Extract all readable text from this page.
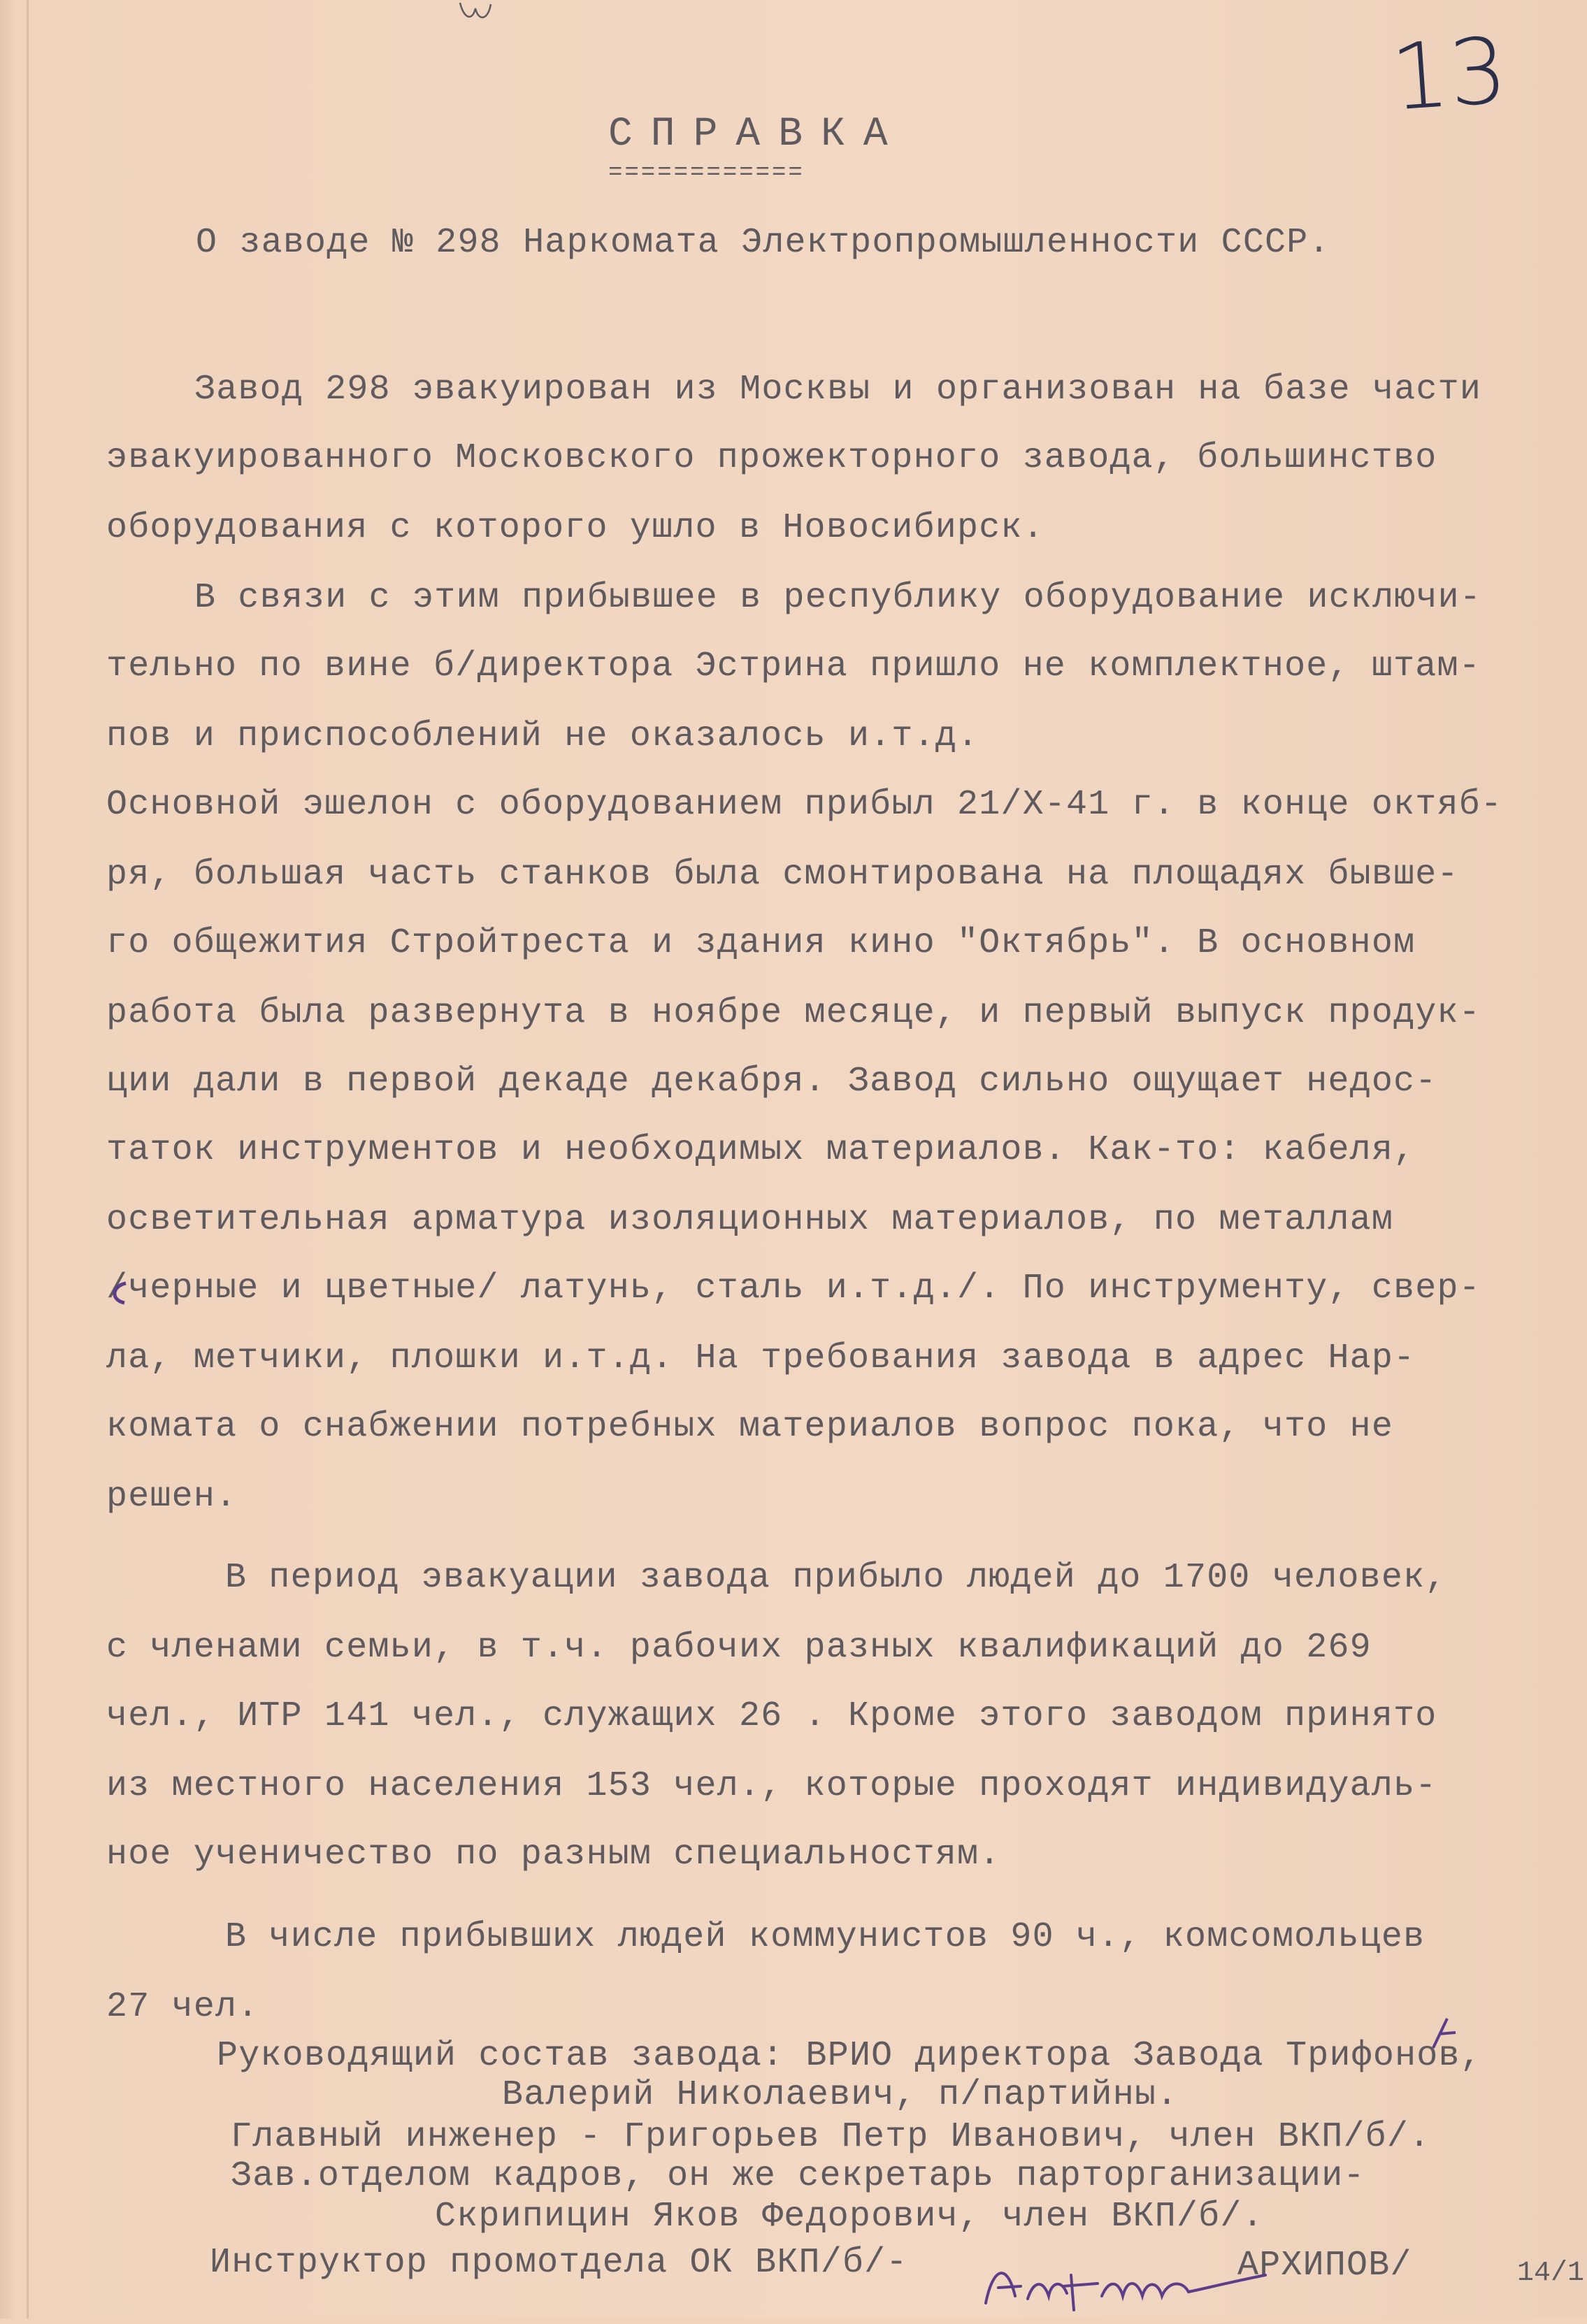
13
СПРАВКА
============
О заводе № 298 Наркомата Электропромышленности СССР.
Завод 298 эвакуирован из Москвы и организован на базе части
эвакуированного Московского прожекторного завода, большинство
оборудования с которого ушло в Новосибирск.
В связи с этим прибывшее в республику оборудование исключи-
тельно по вине б/директора Эстрина пришло не комплектное, штам-
пов и приспособлений не оказалось и.т.д.
Основной эшелон с оборудованием прибыл 21/X-41 г. в конце октяб-
ря, большая часть станков была смонтирована на площадях бывше-
го общежития Стройтреста и здания кино "Октябрь". В основном
работа была развернута в ноябре месяце, и первый выпуск продук-
ции дали в первой декаде декабря. Завод сильно ощущает недос-
таток инструментов и необходимых материалов. Как-то: кабеля,
осветительная арматура изоляционных материалов, по металлам
/черные и цветные/ латунь, сталь и.т.д./. По инструменту, свер-
ла, метчики, плошки и.т.д. На требования завода в адрес Нар-
комата о снабжении потребных материалов вопрос пока, что не
решен.
В период эвакуации завода прибыло людей до 1700 человек,
с членами семьи, в т.ч. рабочих разных квалификаций до 269
чел., ИТР 141 чел., служащих 26 . Кроме этого заводом принято
из местного населения 153 чел., которые проходят индивидуаль-
ное ученичество по разным специальностям.
В числе прибывших людей коммунистов 90 ч., комсомольцев
27 чел.
Руководящий состав завода: ВРИО директора Завода Трифонов,
Валерий Николаевич, п/партийны.
Главный инженер - Григорьев Петр Иванович, член ВКП/б/.
Зав.отделом кадров, он же секретарь парторганизации-
Скрипицин Яков Федорович, член ВКП/б/.
Инструктор промотдела ОК ВКП/б/-	АРХИПОВ/	14/1
